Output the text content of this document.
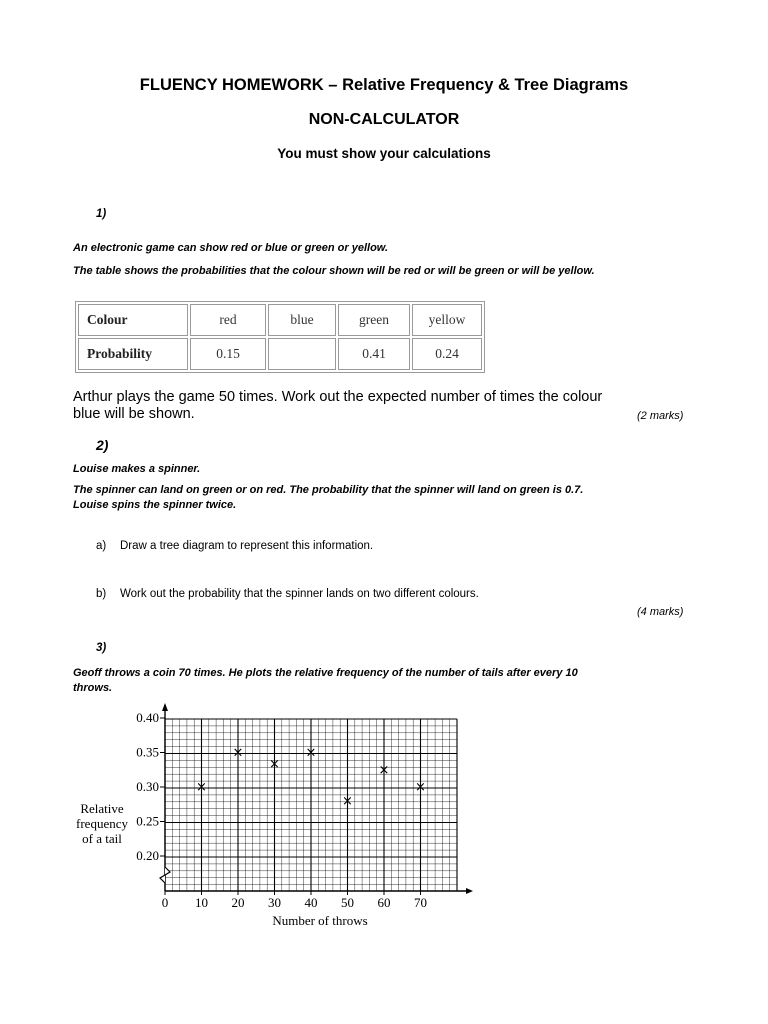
FLUENCY HOMEWORK – Relative Frequency & Tree Diagrams
NON-CALCULATOR
You must show your calculations
1)
An electronic game can show red or blue or green or yellow.
The table shows the probabilities that the colour shown will be red or will be green or will be yellow.
Colour	red	blue	green	yellow
Probability	0.15		0.41	0.24
Arthur plays the game 50 times. Work out the expected number of times the colour blue will be shown.	(2 marks)
2)
Louise makes a spinner.
The spinner can land on green or on red. The probability that the spinner will land on green is 0.7. Louise spins the spinner twice.
a) Draw a tree diagram to represent this information.
b) Work out the probability that the spinner lands on two different colours.
(4 marks)
3)
Geoff throws a coin 70 times. He plots the relative frequency of the number of tails after every 10 throws.
0.20
0.25
0.30
0.35
0.40
0 10 20 30 40 50 60 70
×
×
×
×
×
×
×
Relative
frequency
of a tail
Number of throws
